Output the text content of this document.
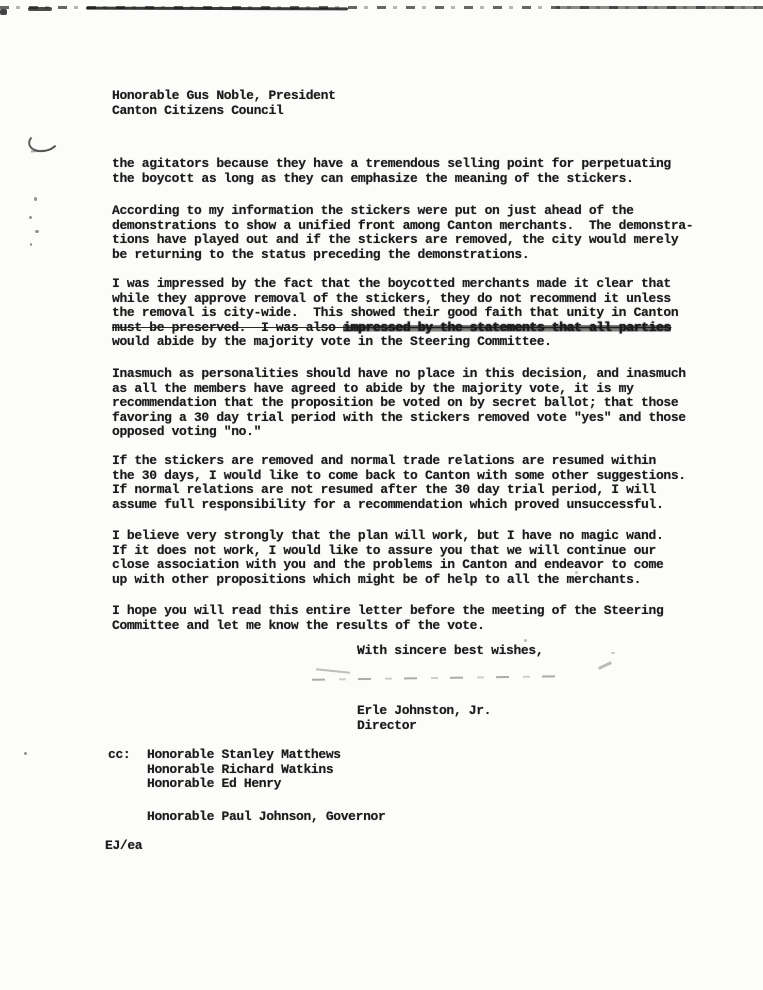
Honorable Gus Noble, President
Canton Citizens Council
the agitators because they have a tremendous selling point for perpetuating
the boycott as long as they can emphasize the meaning of the stickers.
According to my information the stickers were put on just ahead of the
demonstrations to show a unified front among Canton merchants.  The demonstra-
tions have played out and if the stickers are removed, the city would merely
be returning to the status preceding the demonstrations.
I was impressed by the fact that the boycotted merchants made it clear that
while they approve removal of the stickers, they do not recommend it unless
the removal is city-wide.  This showed their good faith that unity in Canton
must be preserved.  I was also impressed by the statements that all parties
would abide by the majority vote in the Steering Committee.
Inasmuch as personalities should have no place in this decision, and inasmuch
as all the members have agreed to abide by the majority vote, it is my
recommendation that the proposition be voted on by secret ballot; that those
favoring a 30 day trial period with the stickers removed vote "yes" and those
opposed voting "no."
If the stickers are removed and normal trade relations are resumed within
the 30 days, I would like to come back to Canton with some other suggestions.
If normal relations are not resumed after the 30 day trial period, I will
assume full responsibility for a recommendation which proved unsuccessful.
I believe very strongly that the plan will work, but I have no magic wand.
If it does not work, I would like to assure you that we will continue our
close association with you and the problems in Canton and endeavor to come
up with other propositions which might be of help to all the merchants.
I hope you will read this entire letter before the meeting of the Steering
Committee and let me know the results of the vote.
With sincere best wishes,
Erle Johnston, Jr.
Director
cc:	Honorable Stanley Matthews
Honorable Richard Watkins
Honorable Ed Henry
Honorable Paul Johnson, Governor
EJ/ea
